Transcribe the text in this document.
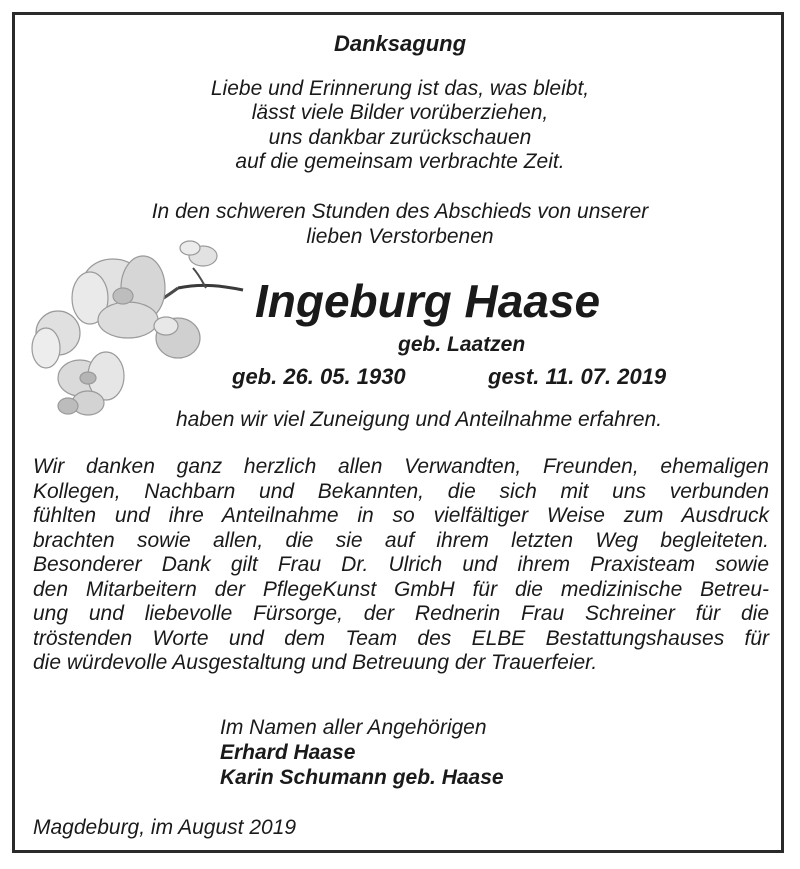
Danksagung
Liebe und Erinnerung ist das, was bleibt,
lässt viele Bilder vorüberziehen,
uns dankbar zurückschauen
auf die gemeinsam verbrachte Zeit.
In den schweren Stunden des Abschieds von unserer
lieben Verstorbenen
Ingeburg Haase
geb. Laatzen
geb. 26. 05. 1930	gest. 11. 07. 2019
haben wir viel Zuneigung und Anteilnahme erfahren.
Wir danken ganz herzlich allen Verwandten, Freunden, ehemaligen
Kollegen, Nachbarn und Bekannten, die sich mit uns verbunden
fühlten und ihre Anteilnahme in so vielfältiger Weise zum Ausdruck
brachten sowie allen, die sie auf ihrem letzten Weg begleiteten.
Besonderer Dank gilt Frau Dr. Ulrich und ihrem Praxisteam sowie
den Mitarbeitern der PflegeKunst GmbH für die medizinische Betreu-
ung und liebevolle Fürsorge, der Rednerin Frau Schreiner für die
tröstenden Worte und dem Team des ELBE Bestattungshauses für
die würdevolle Ausgestaltung und Betreuung der Trauerfeier.
Im Namen aller Angehörigen
Erhard Haase
Karin Schumann geb. Haase
Magdeburg, im August 2019
